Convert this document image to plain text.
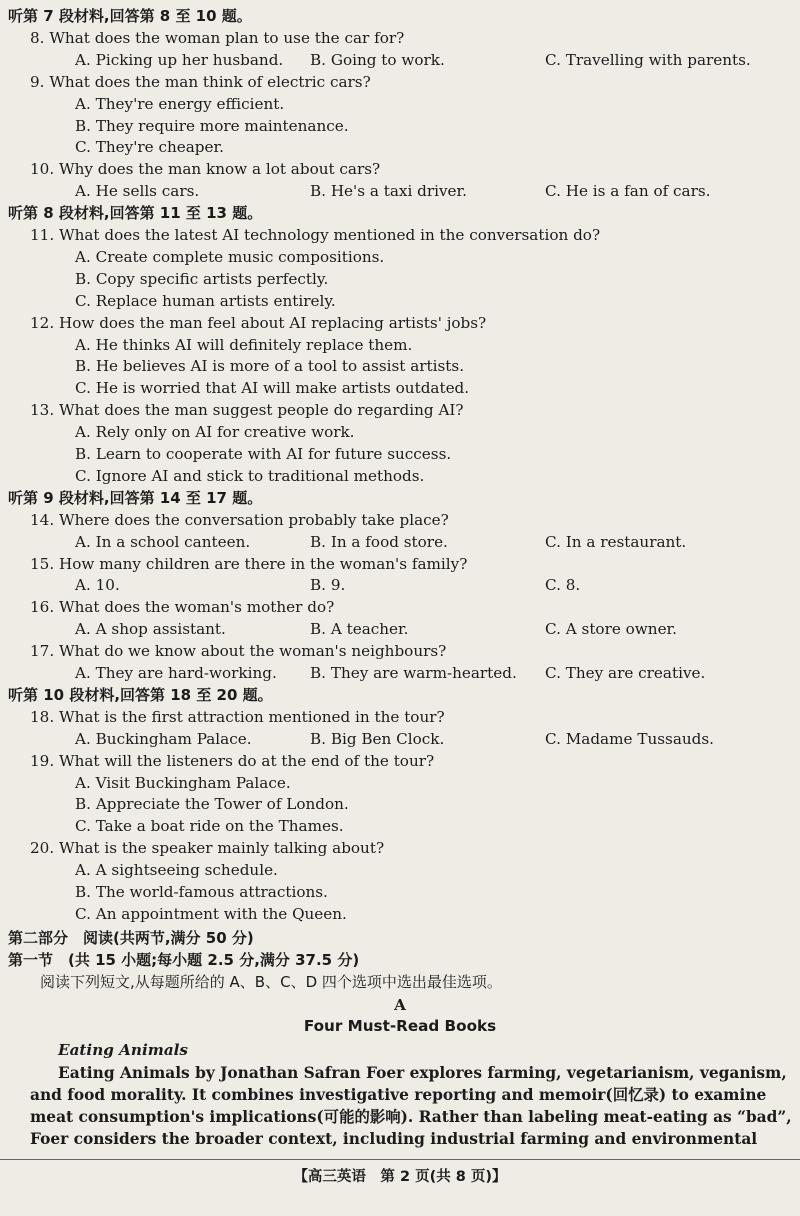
听第 7 段材料,回答第 8 至 10 题。
8. What does the woman plan to use the car for?
A. Picking up her husband. B. Going to work.	C. Travelling with parents.
9. What does the man think of electric cars?
A. They're energy efficient.
B. They require more maintenance.
C. They're cheaper.
10. Why does the man know a lot about cars?
A. He sells cars.	B. He's a taxi driver.	C. He is a fan of cars.
听第 8 段材料,回答第 11 至 13 题。
11. What does the latest AI technology mentioned in the conversation do?
A. Create complete music compositions.
B. Copy specific artists perfectly.
C. Replace human artists entirely.
12. How does the man feel about AI replacing artists' jobs?
A. He thinks AI will definitely replace them.
B. He believes AI is more of a tool to assist artists.
C. He is worried that AI will make artists outdated.
13. What does the man suggest people do regarding AI?
A. Rely only on AI for creative work.
B. Learn to cooperate with AI for future success.
C. Ignore AI and stick to traditional methods.
听第 9 段材料,回答第 14 至 17 题。
14. Where does the conversation probably take place?
A. In a school canteen.	B. In a food store.	C. In a restaurant.
15. How many children are there in the woman's family?
A. 10.	B. 9.	C. 8.
16. What does the woman's mother do?
A. A shop assistant.	B. A teacher.	C. A store owner.
17. What do we know about the woman's neighbours?
A. They are hard-working. B. They are warm-hearted. C. They are creative.
听第 10 段材料,回答第 18 至 20 题。
18. What is the first attraction mentioned in the tour?
A. Buckingham Palace.	B. Big Ben Clock.	C. Madame Tussauds.
19. What will the listeners do at the end of the tour?
A. Visit Buckingham Palace.
B. Appreciate the Tower of London.
C. Take a boat ride on the Thames.
20. What is the speaker mainly talking about?
A. A sightseeing schedule.
B. The world-famous attractions.
C. An appointment with the Queen.
第二部分　阅读(共两节,满分 50 分)
第一节　(共 15 小题;每小题 2.5 分,满分 37.5 分)
阅读下列短文,从每题所给的 A、B、C、D 四个选项中选出最佳选项。
A
Four Must-Read Books
Eating Animals
Eating Animals by Jonathan Safran Foer explores farming, vegetarianism, veganism,
and food morality. It combines investigative reporting and memoir(回忆录) to examine
meat consumption's implications(可能的影响). Rather than labeling meat-eating as “bad”,
Foer considers the broader context, including industrial farming and environmental
【高三英语　第 2 页(共 8 页)】
